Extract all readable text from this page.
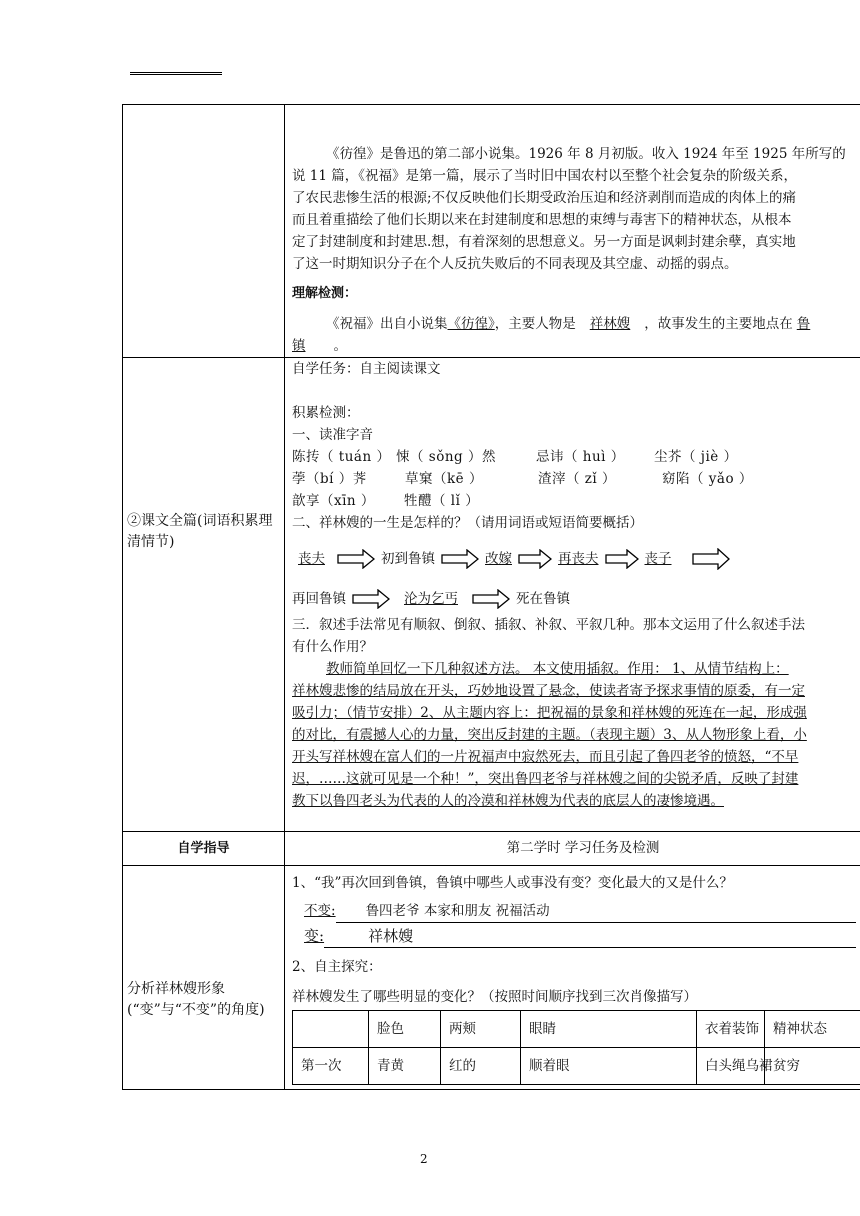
《彷徨》是鲁迅的第二部小说集。1926 年 8 月初版。收入 1924 年至 1925 年所写的
说 11 篇，《祝福》是第一篇，展示了当时旧中国农村以至整个社会复杂的阶级关系，
了农民悲惨生活的根源;不仅反映他们长期受政治压迫和经济剥削而造成的肉体上的痛
而且着重描绘了他们长期以来在封建制度和思想的束缚与毒害下的精神状态，从根本
定了封建制度和封建思.想，有着深刻的思想意义。另一方面是讽刺封建余孽，真实地
了这一时期知识分子在个人反抗失败后的不同表现及其空虚、动摇的弱点。
理解检测：
《祝福》出自小说集《彷徨》，主要人物是 祥林嫂 ，故事发生的主要地点在 鲁
镇 。

②课文全篇(词语积累理清情节)

自学任务：自主阅读课文
积累检测：
一、读准字音
陈抟（ tuán ） 悚（ sǒng ）然	忌讳（ huì ） 尘芥（ jiè ）
荸（bí ）荠	草窠（kē ）	渣滓（ zǐ ）	窈陷（ yǎo ）
歆享（xīn ） 牲醴（ lǐ ）
二、祥林嫂的一生是怎样的？（请用词语或短语简要概括）
丧夫	初到鲁镇	改嫁	再丧夫	丧子
再回鲁镇	沦为乞丐	死在鲁镇
三．叙述手法常见有顺叙、倒叙、插叙、补叙、平叙几种。那本文运用了什么叙述手法
有什么作用？
教师简单回忆一下几种叙述方法。 本文使用插叙。作用： 1、从情节结构上：
祥林嫂悲惨的结局放在开头，巧妙地设置了悬念，使读者寄予探求事情的原委，有一定
吸引力；（情节安排）2、从主题内容上：把祝福的景象和祥林嫂的死连在一起，形成强
的对比，有震撼人心的力量，突出反封建的主题。（表现主题）3、从人物形象上看，小
开头写祥林嫂在富人们的一片祝福声中寂然死去，而且引起了鲁四老爷的愤怒，“不早
迟，……这就可见是一个种！”，突出鲁四老爷与祥林嫂之间的尖锐矛盾，反映了封建
教下以鲁四老头为代表的人的冷漠和祥林嫂为代表的底层人的凄惨境遇。

自学指导	第二学时 学习任务及检测

分析祥林嫂形象(“变”与“不变”的角度)

1、“我”再次回到鲁镇，鲁镇中哪些人或事没有变？变化最大的又是什么？
不变: 鲁四老爷 本家和朋友 祝福活动
变:	祥林嫂
2、自主探究：
祥林嫂发生了哪些明显的变化？（按照时间顺序找到三次肖像描写）
	脸色	两颊	眼睛	衣着装饰	精神状态
第一次	青黄	红的	顺着眼	白头绳乌裙	贫穷
2
